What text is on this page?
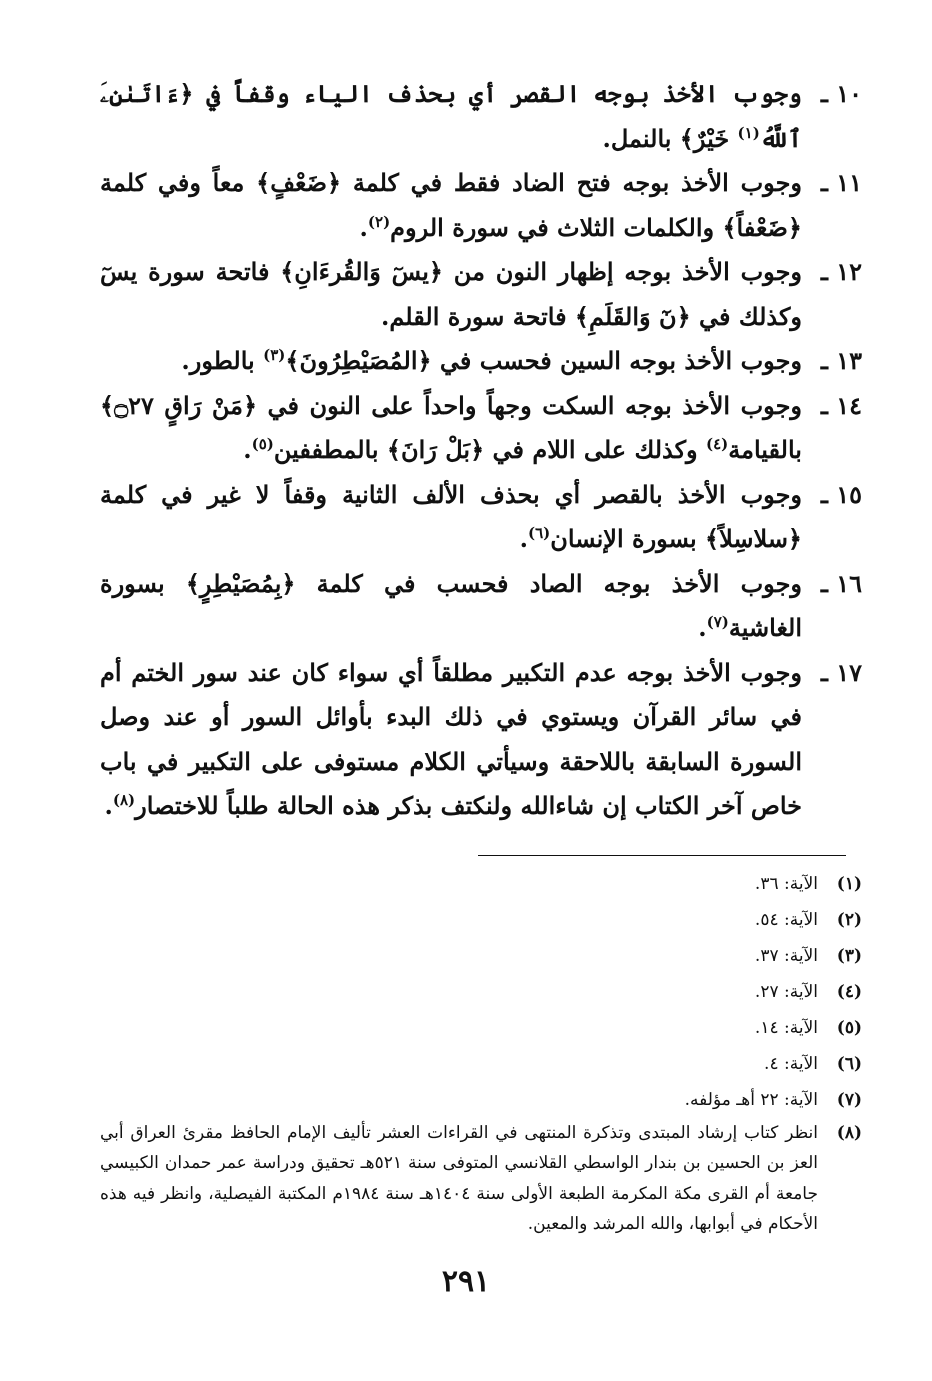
١٠ ـ
وجوب الأخذ بوجه القصر أي بحذف الياء وقفاً في ﴿ءَاتَىٰنِۦَ ٱللَّهُ$^{(١)}$ خَيْرٌ﴾ بالنمل.
١١ ـ
وجوب الأخذ بوجه فتح الضاد فقط في كلمة ﴿ضَعْفٍ﴾ معاً وفي كلمة ﴿ضَعْفاً﴾ والكلمات الثلاث في سورة الروم$^{(٢)}$.
١٢ ـ
وجوب الأخذ بوجه إظهار النون من ﴿يسٓ وَالقُرءَانِ﴾ فاتحة سورة يسٓ وكذلك في ﴿نٓ وَالقَلَمِ﴾ فاتحة سورة القلم.
١٣ ـ
وجوب الأخذ بوجه السين فحسب في ﴿المُصَيْطِرُونَ﴾$^{(٣)}$ بالطور.
١٤ ـ
وجوب الأخذ بوجه السكت وجهاً واحداً على النون في ﴿مَنْ رَاقٍ ۝٢٧﴾ بالقيامة$^{(٤)}$ وكذلك على اللام في ﴿بَلْ رَانَ﴾ بالمطففين$^{(٥)}$.
١٥ ـ
وجوب الأخذ بالقصر أي بحذف الألف الثانية وقفاً لا غير في كلمة ﴿سلاسِلاً﴾ بسورة الإنسان$^{(٦)}$.
١٦ ـ
وجوب الأخذ بوجه الصاد فحسب في كلمة ﴿بِمُصَيْطِرٍ﴾ بسورة الغاشية$^{(٧)}$.
١٧ ـ
وجوب الأخذ بوجه عدم التكبير مطلقاً أي سواء كان عند سور الختم أم في سائر القرآن ويستوي في ذلك البدء بأوائل السور أو عند وصل السورة السابقة باللاحقة وسيأتي الكلام مستوفى على التكبير في باب خاص آخر الكتاب إن شاءالله ولنكتف بذكر هذه الحالة طلباً للاختصار$^{(٨)}$.
(١)
الآية: ٣٦.
(٢)
الآية: ٥٤.
(٣)
الآية: ٣٧.
(٤)
الآية: ٢٧.
(٥)
الآية: ١٤.
(٦)
الآية: ٤.
(٧)
الآية: ٢٢ أهـ مؤلفه.
(٨)
انظر كتاب إرشاد المبتدى وتذكرة المنتهى في القراءات العشر تأليف الإمام الحافظ مقرئ العراق أبي العز بن الحسين بن بندار الواسطي القلانسي المتوفى سنة ٥٢١هـ تحقيق ودراسة عمر حمدان الكبيسي جامعة أم القرى مكة المكرمة الطبعة الأولى سنة ١٤٠٤هـ سنة ١٩٨٤م المكتبة الفيصلية، وانظر فيه هذه الأحكام في أبوابها، والله المرشد والمعين.
٢٩١
